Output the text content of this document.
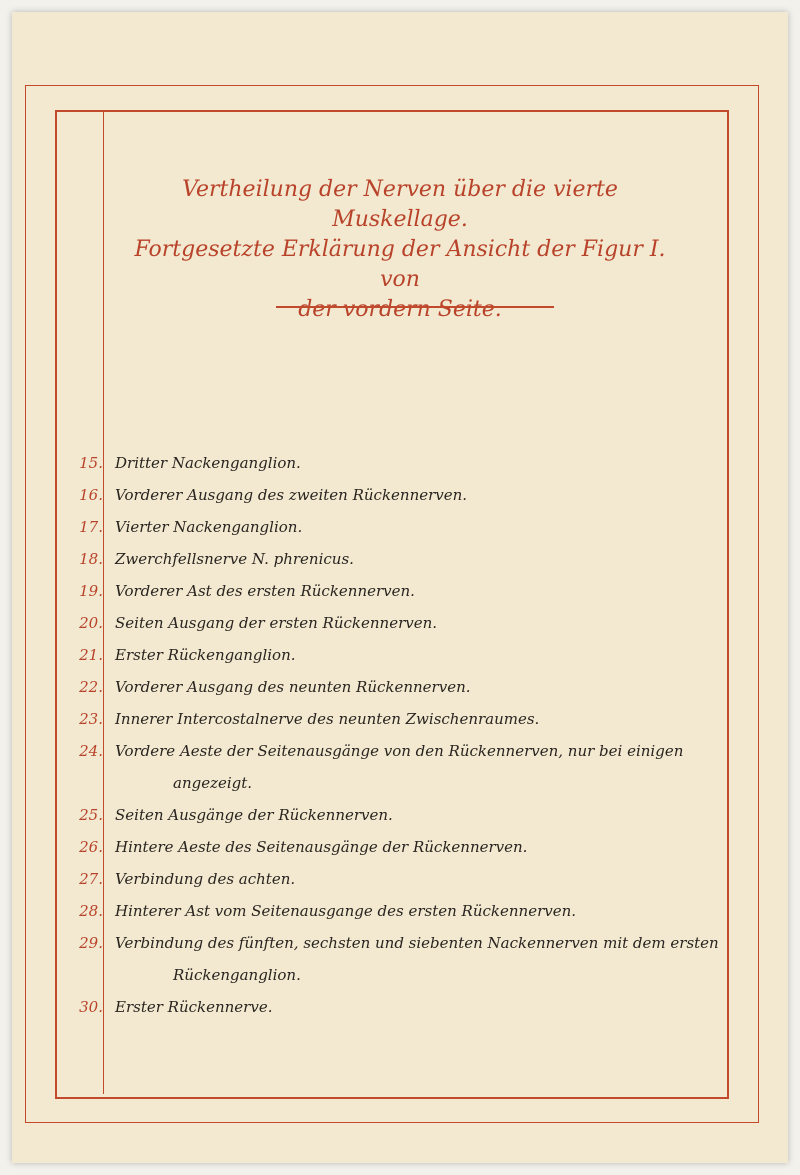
Vertheilung der Nerven über die vierte Muskellage.
Fortgesetzte Erklärung der Ansicht der Figur I. von
der vordern Seite.
15. Dritter Nackenganglion.
16. Vorderer Ausgang des zweiten Rückennerven.
17. Vierter Nackenganglion.
18. Zwerchfellsnerve N. phrenicus.
19. Vorderer Ast des ersten Rückennerven.
20. Seiten Ausgang der ersten Rückennerven.
21. Erster Rückenganglion.
22. Vorderer Ausgang des neunten Rückennerven.
23. Innerer Intercostalnerve des neunten Zwischenraumes.
24. Vordere Aeste der Seitenausgänge von den Rückennerven, nur bei einigen
angezeigt.
25. Seiten Ausgänge der Rückennerven.
26. Hintere Aeste des Seitenausgänge der Rückennerven.
27. Verbindung des achten.
28. Hinterer Ast vom Seitenausgange des ersten Rückennerven.
29. Verbindung des fünften, sechsten und siebenten Nackennerven mit dem ersten
Rückenganglion.
30. Erster Rückennerve.
